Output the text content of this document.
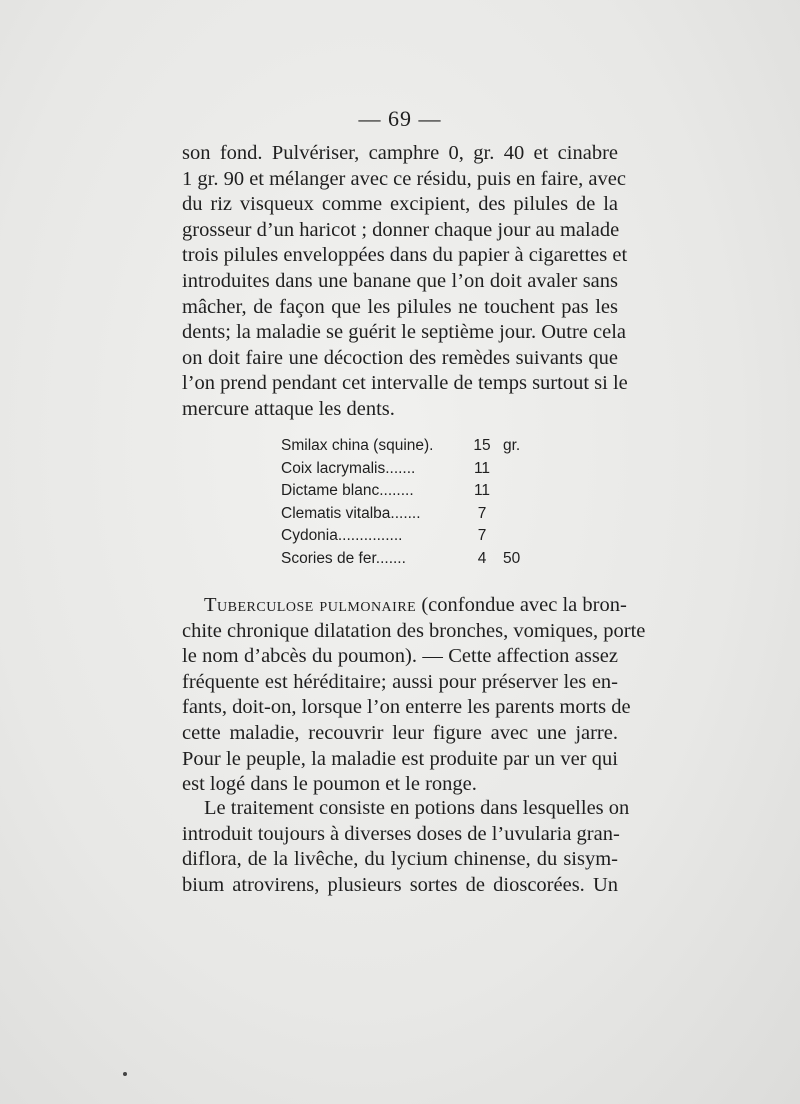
— 69 —
son fond. Pulvériser, camphre 0, gr. 40 et cinabre
1 gr. 90 et mélanger avec ce résidu, puis en faire, avec
du riz visqueux comme excipient, des pilules de la
grosseur d’un haricot ; donner chaque jour au malade
trois pilules enveloppées dans du papier à cigarettes et
introduites dans une banane que l’on doit avaler sans
mâcher, de façon que les pilules ne touchent pas les
dents; la maladie se guérit le septième jour. Outre cela
on doit faire une décoction des remèdes suivants que
l’on prend pendant cet intervalle de temps surtout si le
mercure attaque les dents.
Smilax china (squine).	15 gr.
Coix lacrymalis.......	11
Dictame blanc........	11
Clematis vitalba.......	7
Cydonia...............	7
Scories de fer.......	4	50
Tuberculose pulmonaire (confondue avec la bron-
chite chronique dilatation des bronches, vomiques, porte
le nom d’abcès du poumon). — Cette affection assez
fréquente est héréditaire; aussi pour préserver les en-
fants, doit-on, lorsque l’on enterre les parents morts de
cette maladie, recouvrir leur figure avec une jarre.
Pour le peuple, la maladie est produite par un ver qui
est logé dans le poumon et le ronge.
Le traitement consiste en potions dans lesquelles on
introduit toujours à diverses doses de l’uvularia gran-
diflora, de la livêche, du lycium chinense, du sisym-
bium atrovirens, plusieurs sortes de dioscorées. Un
